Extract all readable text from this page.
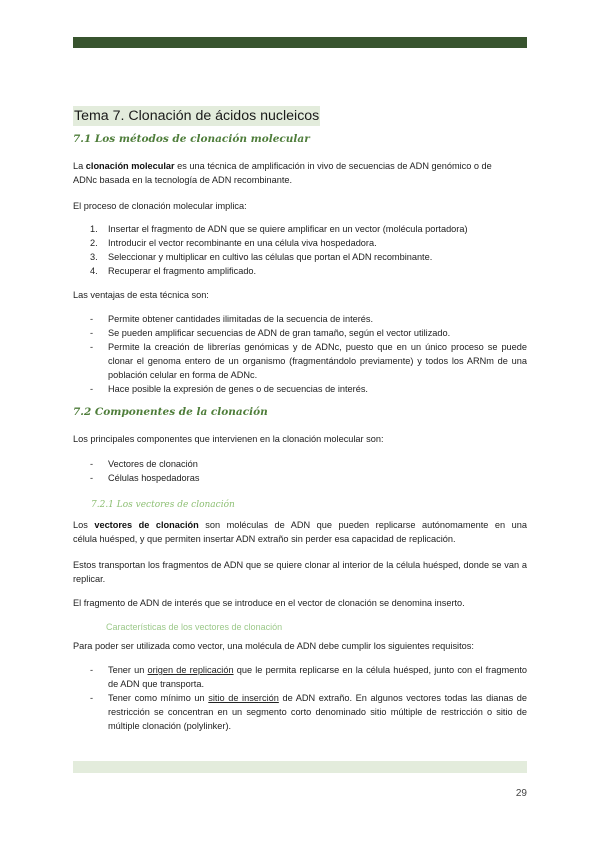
Tema 7. Clonación de ácidos nucleicos
7.1 Los métodos de clonación molecular

La clonación molecular es una técnica de amplificación in vivo de secuencias de ADN genómico o de
ADNc basada en la tecnología de ADN recombinante.

El proceso de clonación molecular implica:

1. Insertar el fragmento de ADN que se quiere amplificar en un vector (molécula portadora)
2. Introducir el vector recombinante en una célula viva hospedadora.
3. Seleccionar y multiplicar en cultivo las células que portan el ADN recombinante.
4. Recuperar el fragmento amplificado.

Las ventajas de esta técnica son:

- Permite obtener cantidades ilimitadas de la secuencia de interés.
- Se pueden amplificar secuencias de ADN de gran tamaño, según el vector utilizado.
- Permite la creación de librerías genómicas y de ADNc, puesto que en un único proceso se puede clonar el genoma entero de un organismo (fragmentándolo previamente) y todos los ARNm de una población celular en forma de ADNc.
- Hace posible la expresión de genes o de secuencias de interés.
7.2 Componentes de la clonación

Los principales componentes que intervienen en la clonación molecular son:

- Vectores de clonación
- Células hospedadoras
7.2.1 Los vectores de clonación

Los vectores de clonación son moléculas de ADN que pueden replicarse autónomamente en una
célula huésped, y que permiten insertar ADN extraño sin perder esa capacidad de replicación.

Estos transportan los fragmentos de ADN que se quiere clonar al interior de la célula huésped, donde se van a replicar.

El fragmento de ADN de interés que se introduce en el vector de clonación se denomina inserto.

Características de los vectores de clonación

Para poder ser utilizada como vector, una molécula de ADN debe cumplir los siguientes requisitos:

- Tener un origen de replicación que le permita replicarse en la célula huésped, junto con el fragmento de ADN que transporta.
- Tener como mínimo un sitio de inserción de ADN extraño. En algunos vectores todas las dianas de restricción se concentran en un segmento corto denominado sitio múltiple de restricción o sitio de múltiple clonación (polylinker).
29
